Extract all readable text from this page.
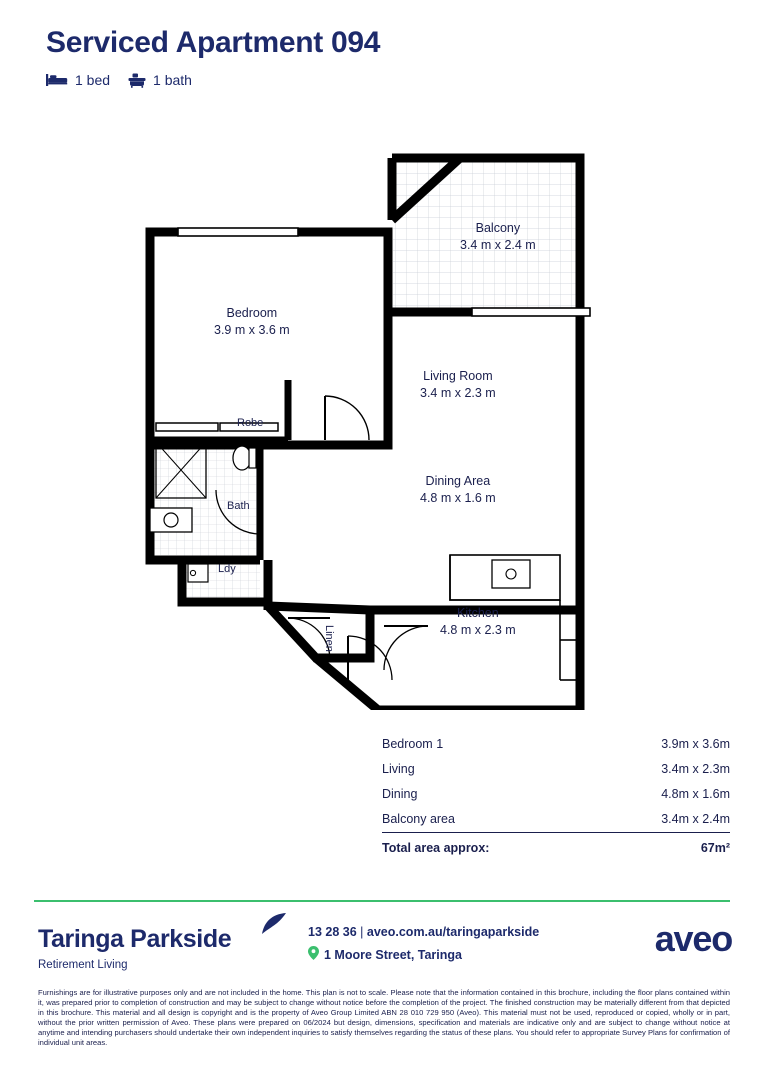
Serviced Apartment 094
1 bed	1 bath
Bedroom
3.9 m x 3.6 m
Balcony
3.4 m x 2.4 m
Living Room
3.4 m x 2.3 m
Dining Area
4.8 m x 1.6 m
Kitchen
4.8 m x 2.3 m
Robe
Bath
Ldy
Linen
Bedroom 1	3.9m x 3.6m
Living	3.4m x 2.3m
Dining	4.8m x 1.6m
Balcony area	3.4m x 2.4m
Total area approx:	67m²
Taringa Parkside
Retirement Living
13 28 36 | aveo.com.au/taringaparkside
1 Moore Street, Taringa	aveo
Furnishings are for illustrative purposes only and are not included in the home. This plan is not to scale. Please note that the information contained in this brochure, including the floor plans contained within it, was prepared prior to completion of construction and may be subject to change without notice before the completion of the project. The finished construction may be materially different from that depicted in this brochure. This material and all design is copyright and is the property of Aveo Group Limited ABN 28 010 729 950 (Aveo). This material must not be used, reproduced or copied, wholly or in part, without the prior written permission of Aveo. These plans were prepared on 06/2024 but design, dimensions, specification and materials are indicative only and are subject to change without notice at anytime and intending purchasers should undertake their own independent inquiries to satisfy themselves regarding the status of these plans. You should refer to appropriate Survey Plans for confirmation of individual unit areas.
